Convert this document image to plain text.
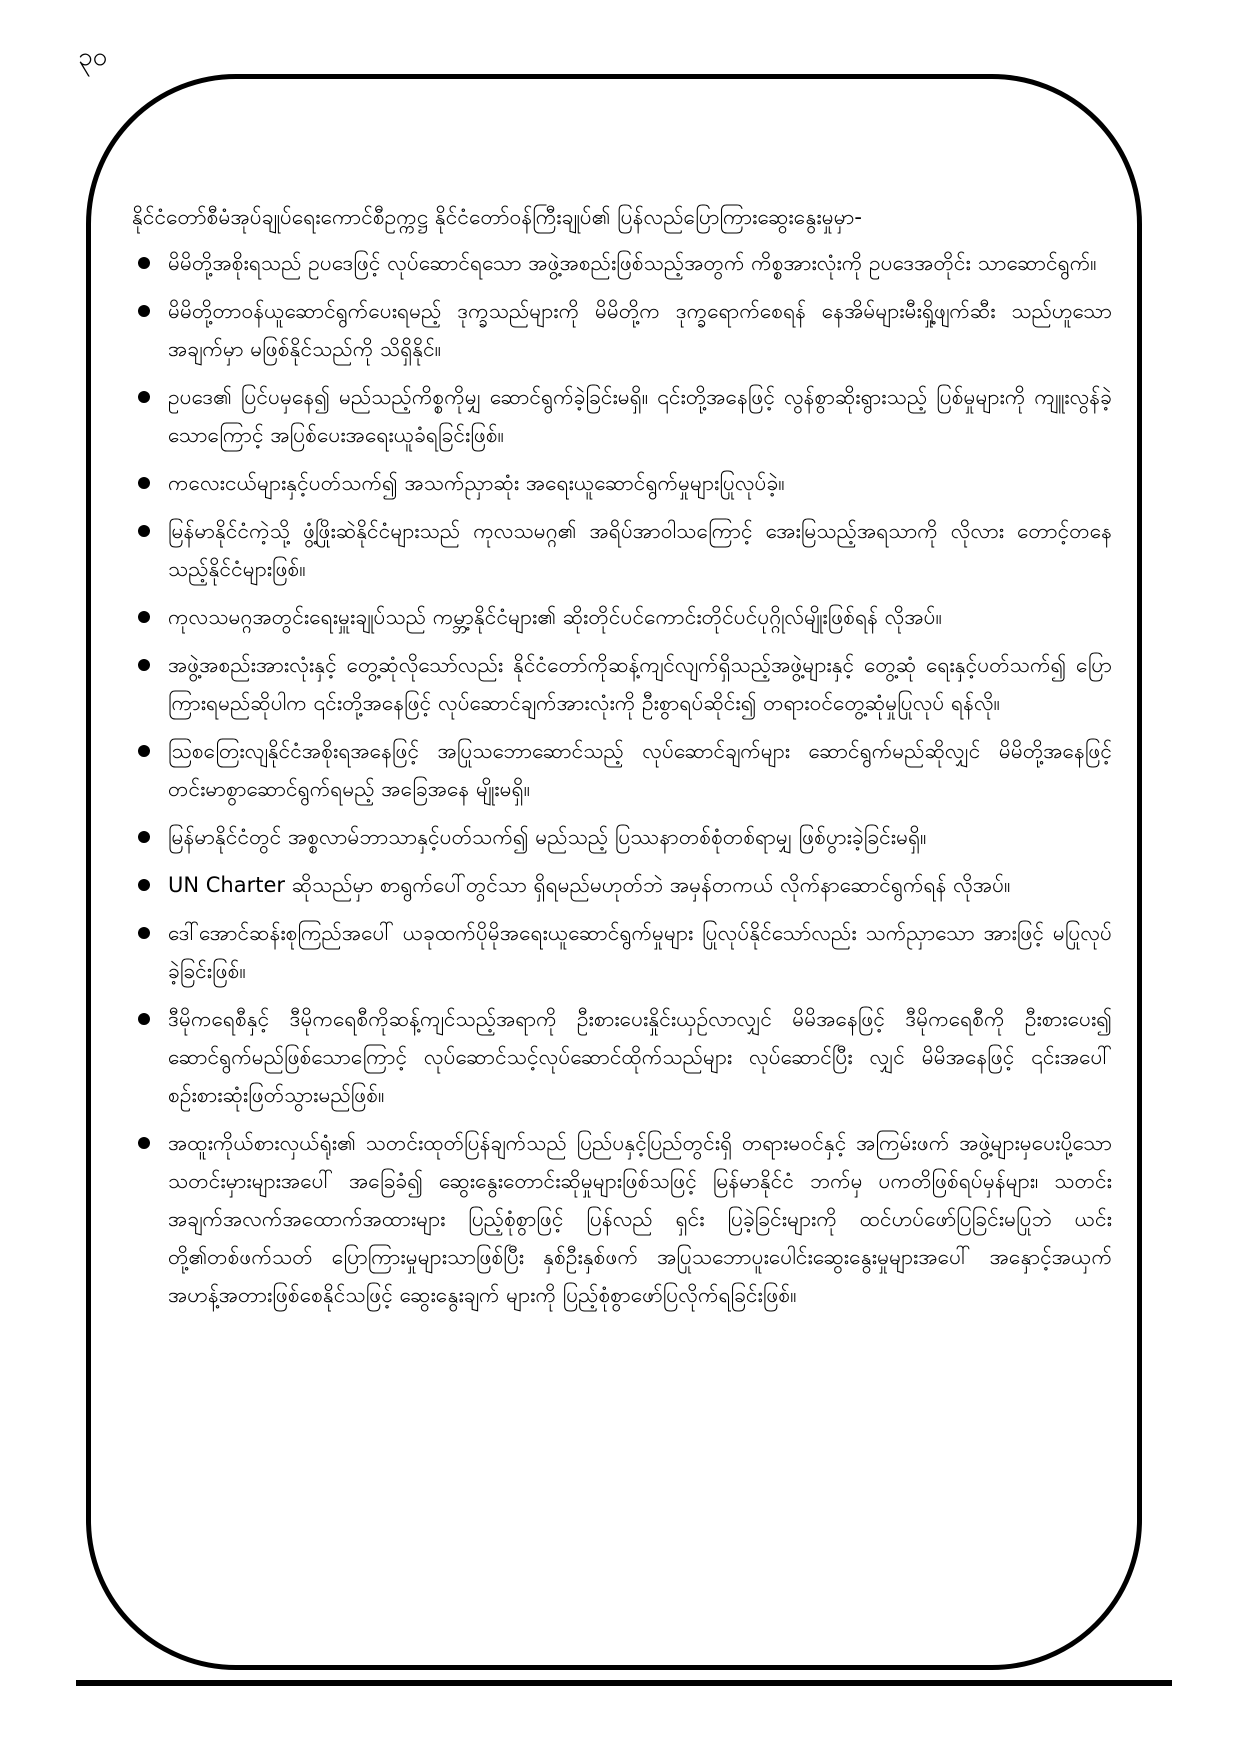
၃၀

နိုင်ငံတော်စီမံအုပ်ချုပ်ရေးကောင်စီဥက္ကဋ္ဌ နိုင်ငံတော်ဝန်ကြီးချုပ်၏ ပြန်လည်ပြောကြားဆွေးနွေးမှုမှာ-

မိမိတို့အစိုးရသည် ဥပဒေဖြင့် လုပ်ဆောင်ရသော အဖွဲ့အစည်းဖြစ်သည့်အတွက် ကိစ္စအားလုံးကို ဥပဒေအတိုင်း သာဆောင်ရွက်။
မိမိတို့တာဝန်ယူဆောင်ရွက်ပေးရမည့် ဒုက္ခသည်များကို မိမိတို့က ဒုက္ခရောက်စေရန် နေအိမ်များမီးရှို့ဖျက်ဆီး သည်ဟူသောအချက်မှာ မဖြစ်နိုင်သည်ကို သိရှိနိုင်။
ဥပဒေ၏ ပြင်ပမှနေ၍ မည်သည့်ကိစ္စကိုမျှ ဆောင်ရွက်ခဲ့ခြင်းမရှိ။ ၎င်းတို့အနေဖြင့် လွန်စွာဆိုးရွားသည့် ပြစ်မှုများကို ကျူးလွန်ခဲ့သောကြောင့် အပြစ်ပေးအရေးယူခံရခြင်းဖြစ်။
ကလေးငယ်များနှင့်ပတ်သက်၍ အသက်ညှာဆုံး အရေးယူဆောင်ရွက်မှုများပြုလုပ်ခဲ့။
မြန်မာနိုင်ငံကဲ့သို့ ဖွံ့ဖြိုးဆဲနိုင်ငံများသည် ကုလသမဂ္ဂ၏ အရိပ်အာဝါသကြောင့် အေးမြသည့်အရသာကို လိုလား တောင့်တနေသည့်နိုင်ငံများဖြစ်။
ကုလသမဂ္ဂအတွင်းရေးမှူးချုပ်သည် ကမ္ဘာ့နိုင်ငံများ၏ ဆိုးတိုင်ပင်ကောင်းတိုင်ပင်ပုဂ္ဂိုလ်မျိုးဖြစ်ရန် လိုအပ်။
အဖွဲ့အစည်းအားလုံးနှင့် တွေ့ဆုံလိုသော်လည်း နိုင်ငံတော်ကိုဆန့်ကျင်လျက်ရှိသည့်အဖွဲ့များနှင့် တွေ့ဆုံ ရေးနှင့်ပတ်သက်၍ ပြောကြားရမည်ဆိုပါက ၎င်းတို့အနေဖြင့် လုပ်ဆောင်ချက်အားလုံးကို ဦးစွာရပ်ဆိုင်း၍ တရားဝင်တွေ့ဆုံမှုပြုလုပ် ရန်လို။
ဩစတြေးလျနိုင်ငံအစိုးရအနေဖြင့် အပြုသဘောဆောင်သည့် လုပ်ဆောင်ချက်များ ဆောင်ရွက်မည်ဆိုလျှင် မိမိတို့အနေဖြင့် တင်းမာစွာဆောင်ရွက်ရမည့် အခြေအနေ မျိုးမရှိ။
မြန်မာနိုင်ငံတွင် အစ္စလာမ်ဘာသာနှင့်ပတ်သက်၍ မည်သည့် ပြဿနာတစ်စုံတစ်ရာမျှ ဖြစ်ပွားခဲ့ခြင်းမရှိ။
UN Charter ဆိုသည်မှာ စာရွက်ပေါ်တွင်သာ ရှိရမည်မဟုတ်ဘဲ အမှန်တကယ် လိုက်နာဆောင်ရွက်ရန် လိုအပ်။
ဒေါ်အောင်ဆန်းစုကြည်အပေါ် ယခုထက်ပိုမိုအရေးယူဆောင်ရွက်မှုများ ပြုလုပ်နိုင်သော်လည်း သက်ညှာသော အားဖြင့် မပြုလုပ်ခဲ့ခြင်းဖြစ်။
ဒီမိုကရေစီနှင့် ဒီမိုကရေစီကိုဆန့်ကျင်သည့်အရာကို ဦးစားပေးနှိုင်းယှဉ်လာလျှင် မိမိအနေဖြင့် ဒီမိုကရေစီကို ဦးစားပေး၍ ဆောင်ရွက်မည်ဖြစ်သောကြောင့် လုပ်ဆောင်သင့်လုပ်ဆောင်ထိုက်သည်များ လုပ်ဆောင်ပြီး လျှင် မိမိအနေဖြင့် ၎င်းအပေါ် စဉ်းစားဆုံးဖြတ်သွားမည်ဖြစ်။
အထူးကိုယ်စားလှယ်ရုံး၏ သတင်းထုတ်ပြန်ချက်သည် ပြည်ပနှင့်ပြည်တွင်းရှိ တရားမဝင်နှင့် အကြမ်းဖက် အဖွဲ့များမှပေးပို့သော သတင်းမှားများအပေါ် အခြေခံ၍ ဆွေးနွေးတောင်းဆိုမှုများဖြစ်သဖြင့် မြန်မာနိုင်ငံ ဘက်မှ ပကတိဖြစ်ရပ်မှန်များ၊ သတင်းအချက်အလက်အထောက်အထားများ ပြည့်စုံစွာဖြင့် ပြန်လည် ရှင်း ပြခဲ့ခြင်းများကို ထင်ဟပ်ဖော်ပြခြင်းမပြုဘဲ ယင်းတို့၏တစ်ဖက်သတ် ပြောကြားမှုများသာဖြစ်ပြီး နှစ်ဦးနှစ်ဖက် အပြုသဘောပူးပေါင်းဆွေးနွေးမှုများအပေါ် အနှောင့်အယှက်အဟန့်အတားဖြစ်စေနိုင်သဖြင့် ဆွေးနွေးချက် များကို ပြည့်စုံစွာဖော်ပြလိုက်ရခြင်းဖြစ်။
